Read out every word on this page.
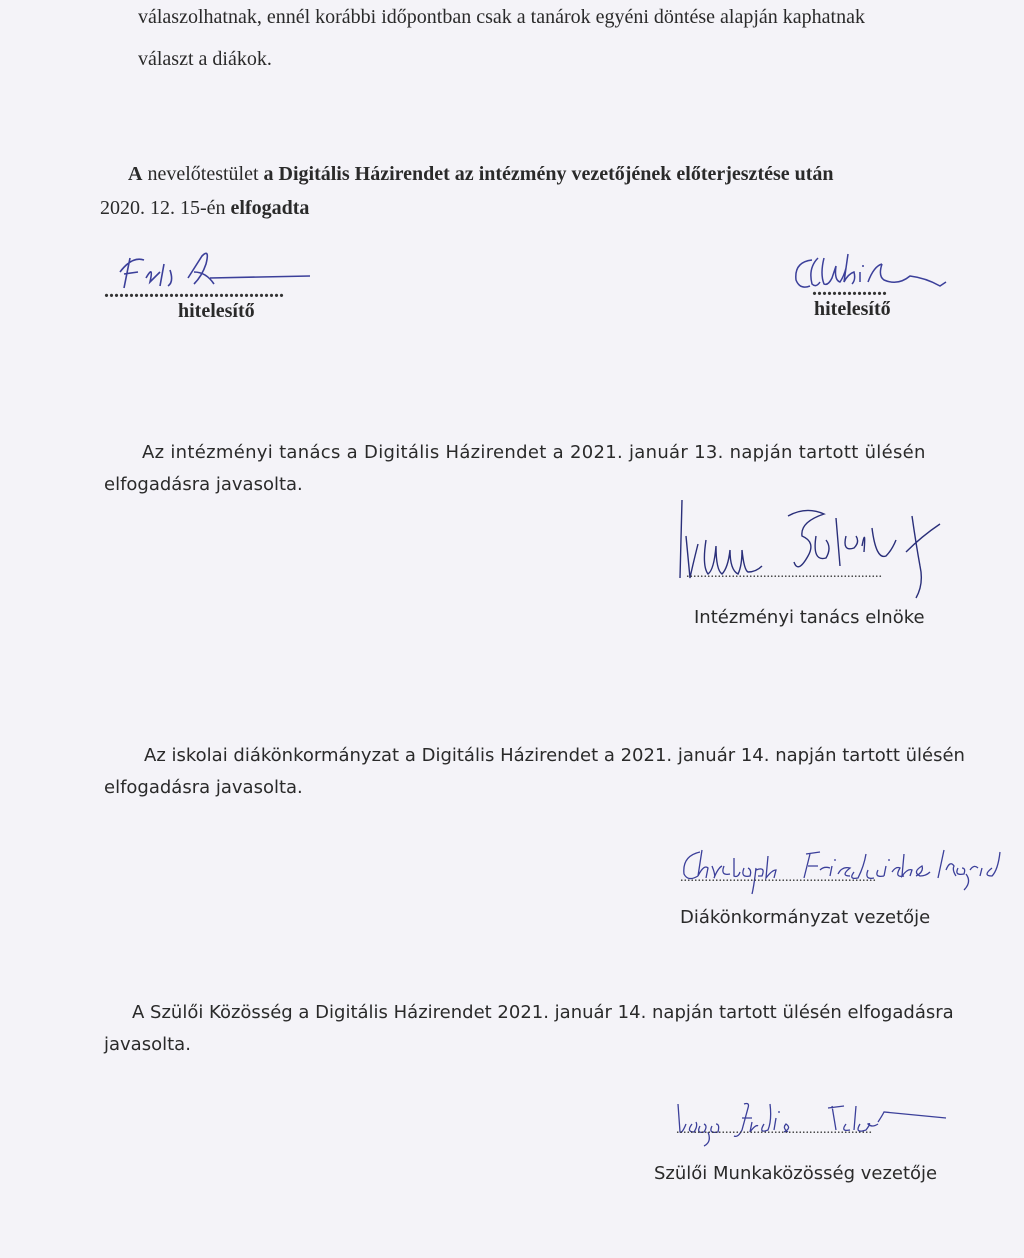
válaszolhatnak, ennél korábbi időpontban csak a tanárok egyéni döntése alapján kaphatnak
választ a diákok.
A nevelőtestület a Digitális Házirendet az intézmény vezetőjének előterjesztése után
2020. 12. 15-én elfogadta
....................................
hitelesítő
...............
hitelesítő
Az intézményi tanács a Digitális Házirendet a 2021. január 13. napján tartott ülésén
elfogadásra javasolta.
........................................................
Intézményi tanács elnöke
Az iskolai diákönkormányzat a Digitális Házirendet a 2021. január 14. napján tartott ülésén
elfogadásra javasolta.
........................................................
Diákönkormányzat vezetője
A Szülői Közösség a Digitális Házirendet 2021. január 14. napján tartott ülésén elfogadásra
javasolta.
........................................................
Szülői Munkaközösség vezetője
